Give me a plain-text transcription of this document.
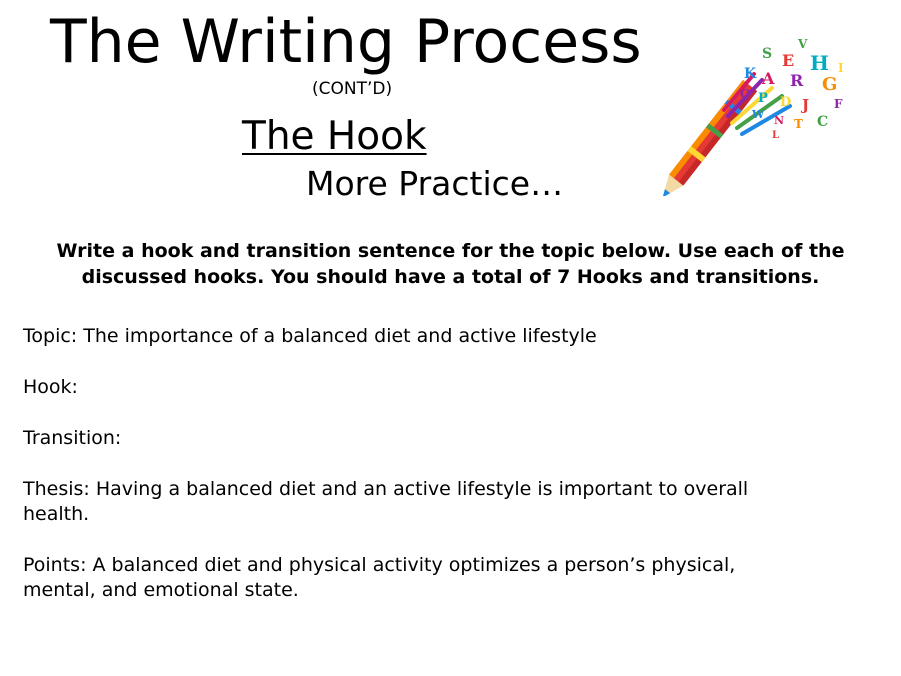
The Writing Process
(CONT’D)
The Hook
More Practice…
H
E
S
G
R
A
K
J
C
D
P
Q
T
N
W
F
I
V
L
Write a hook and transition sentence for the topic below. Use each of the
discussed hooks. You should have a total of 7 Hooks and transitions.
Topic: The importance of a balanced diet and active lifestyle
Hook:
Transition:
Thesis: Having a balanced diet and an active lifestyle is important to overall
health.
Points: A balanced diet and physical activity optimizes a person’s physical,
mental, and emotional state.
